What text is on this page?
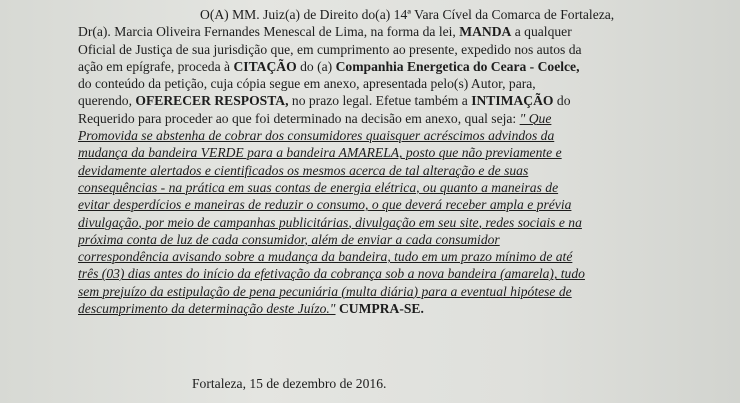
O(A) MM. Juiz(a) de Direito do(a) 14ª Vara Cível da Comarca de Fortaleza,
Dr(a). Marcia Oliveira Fernandes Menescal de Lima, na forma da lei, MANDA a qualquer
Oficial de Justiça de sua jurisdição que, em cumprimento ao presente, expedido nos autos da
ação em epígrafe, proceda à CITAÇÃO do (a) Companhia Energetica do Ceara - Coelce,
do conteúdo da petição, cuja cópia segue em anexo, apresentada pelo(s) Autor, para,
querendo, OFERECER RESPOSTA, no prazo legal. Efetue também a INTIMAÇÃO do
Requerido para proceder ao que foi determinado na decisão em anexo, qual seja: " Que
Promovida se abstenha de cobrar dos consumidores quaisquer acréscimos advindos da
mudança da bandeira VERDE para a bandeira AMARELA, posto que não previamente e
devidamente alertados e cientificados os mesmos acerca de tal alteração e de suas
consequências - na prática em suas contas de energia elétrica, ou quanto a maneiras de
evitar desperdícios e maneiras de reduzir o consumo, o que deverá receber ampla e prévia
divulgação, por meio de campanhas publicitárias, divulgação em seu site, redes sociais e na
próxima conta de luz de cada consumidor, além de enviar a cada consumidor
correspondência avisando sobre a mudança da bandeira, tudo em um prazo mínimo de até
três (03) dias antes do início da efetivação da cobrança sob a nova bandeira (amarela), tudo
sem prejuízo da estipulação de pena pecuniária (multa diária) para a eventual hipótese de
descumprimento da determinação deste Juízo." CUMPRA-SE.
Fortaleza, 15 de dezembro de 2016.
